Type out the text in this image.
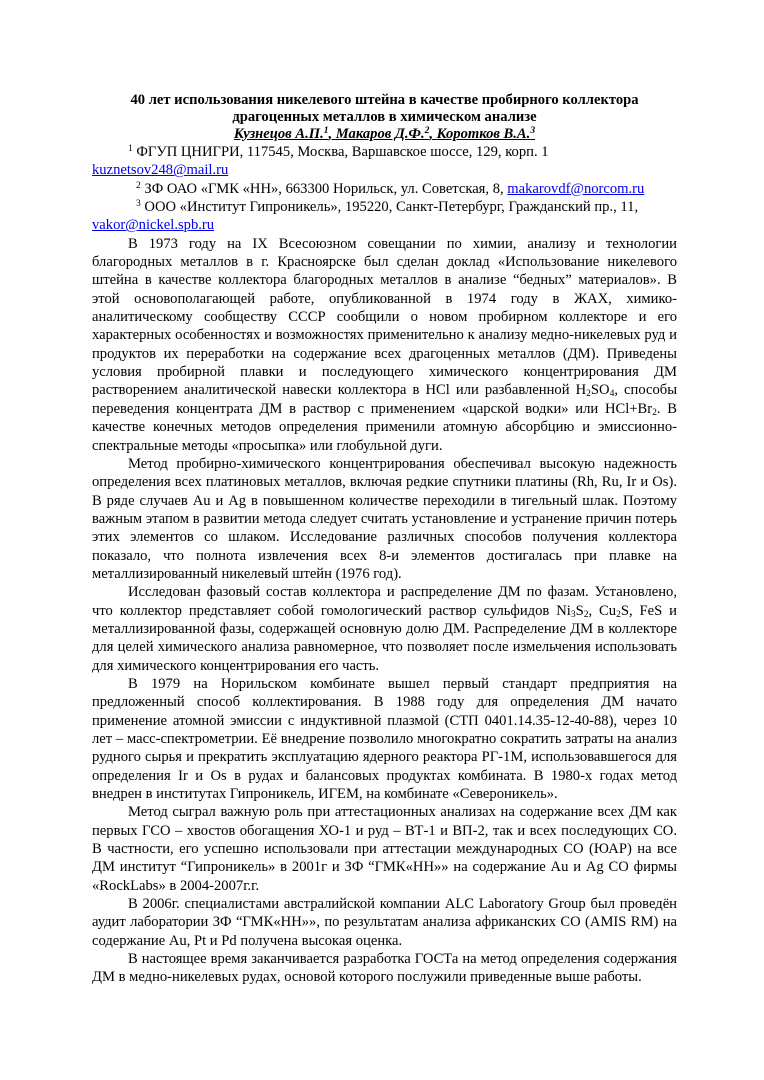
40 лет использования никелевого штейна в качестве пробирного коллектора
драгоценных металлов в химическом анализе
Кузнецов А.П.$^1$, Макаров Д.Ф.$^2$, Коротков В.А.$^3$
$^1$ ФГУП ЦНИГРИ, 117545, Москва, Варшавское шоссе, 129, корп. 1
kuznetsov248@mail.ru
$^2$ ЗФ ОАО «ГМК «НН», 663300 Норильск, ул. Советская, 8, makarovdf@norcom.ru
$^3$ ООО «Институт Гипроникель», 195220, Санкт-Петербург, Гражданский пр., 11,
vakor@nickel.spb.ru

В 1973 году на IX Всесоюзном совещании по химии, анализу и технологии благородных металлов в г. Красноярске был сделан доклад «Использование никелевого штейна в качестве коллектора благородных металлов в анализе “бедных” материалов». В этой основополагающей работе, опубликованной в 1974 году в ЖАХ, химико-аналитическому сообществу СССР сообщили о новом пробирном коллекторе и его характерных особенностях и возможностях применительно к анализу медно-никелевых руд и продуктов их переработки на содержание всех драгоценных металлов (ДМ). Приведены условия пробирной плавки и последующего химического концентрирования ДМ растворением аналитической навески коллектора в HCl или разбавленной $H_2SO_4$, способы переведения концентрата ДМ в раствор с применением «царской водки» или $HCl+Br_2$. В качестве конечных методов определения применили атомную абсорбцию и эмиссионно-спектральные методы «просыпка» или глобульной дуги.

Метод пробирно-химического концентрирования обеспечивал высокую надежность определения всех платиновых металлов, включая редкие спутники платины (Rh, Ru, Ir и Os). В ряде случаев Au и Ag в повышенном количестве переходили в тигельный шлак. Поэтому важным этапом в развитии метода следует считать установление и устранение причин потерь этих элементов со шлаком. Исследование различных способов получения коллектора показало, что полнота извлечения всех 8-и элементов достигалась при плавке на металлизированный никелевый штейн (1976 год).

Исследован фазовый состав коллектора и распределение ДМ по фазам. Установлено, что коллектор представляет собой гомологический раствор сульфидов $Ni_3S_2$, $Cu_2S$, FeS и металлизированной фазы, содержащей основную долю ДМ. Распределение ДМ в коллекторе для целей химического анализа равномерное, что позволяет после измельчения использовать для химического концентрирования его часть.

В 1979 на Норильском комбинате вышел первый стандарт предприятия на предложенный способ коллектирования. В 1988 году для определения ДМ начато применение атомной эмиссии с индуктивной плазмой (СТП 0401.14.35-12-40-88), через 10 лет – масс-спектрометрии. Её внедрение позволило многократно сократить затраты на анализ рудного сырья и прекратить эксплуатацию ядерного реактора РГ-1М, использовавшегося для определения Ir и Os в рудах и балансовых продуктах комбината. В 1980-х годах метод внедрен в институтах Гипроникель, ИГЕМ, на комбинате «Североникель».

Метод сыграл важную роль при аттестационных анализах на содержание всех ДМ как первых ГСО – хвостов обогащения ХО-1 и руд – ВТ-1 и ВП-2, так и всех последующих СО. В частности, его успешно использовали при аттестации международных СО (ЮАР) на все ДМ институт “Гипроникель» в 2001г и ЗФ “ГМК«НН»» на содержание Au и Ag СО фирмы «RockLabs» в 2004-2007г.г.

В 2006г. специалистами австралийской компании ALC Laboratory Group был проведён аудит лаборатории ЗФ “ГМК«НН»», по результатам анализа африканских СО (AMIS RM) на содержание Au, Pt и Pd получена высокая оценка.

В настоящее время заканчивается разработка ГОСТа на метод определения содержания ДМ в медно-никелевых рудах, основой которого послужили приведенные выше работы.
